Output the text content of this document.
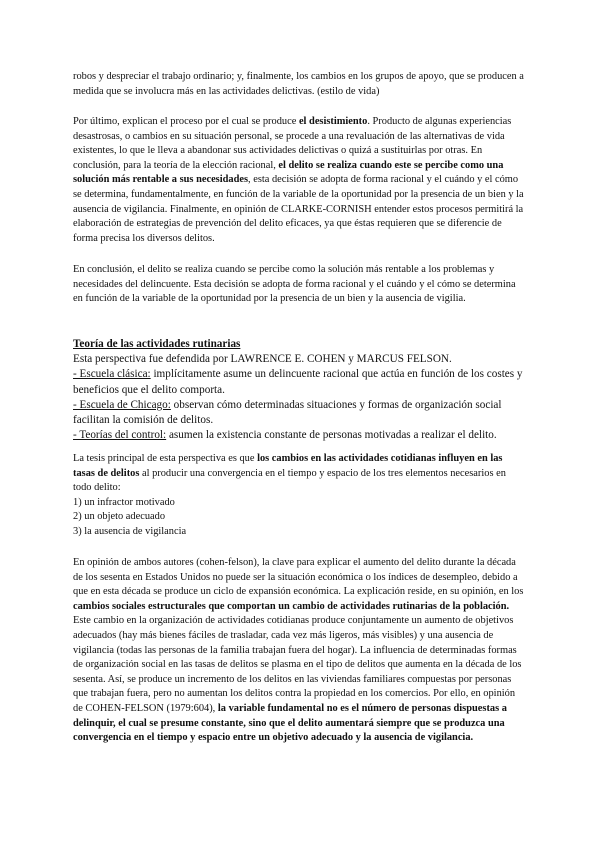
robos y despreciar el trabajo ordinario; y, finalmente, los cambios en los grupos de apoyo, que se producen a medida que se involucra más en las actividades delictivas. (estilo de vida)

Por último, explican el proceso por el cual se produce el desistimiento. Producto de algunas experiencias desastrosas, o cambios en su situación personal, se procede a una revaluación de las alternativas de vida existentes, lo que le lleva a abandonar sus actividades delictivas o quizá a sustituirlas por otras. En conclusión, para la teoría de la elección racional, el delito se realiza cuando este se percibe como una solución más rentable a sus necesidades, esta decisión se adopta de forma racional y el cuándo y el cómo se determina, fundamentalmente, en función de la variable de la oportunidad por la presencia de un bien y la ausencia de vigilancia. Finalmente, en opinión de CLARKE-CORNISH entender estos procesos permitirá la elaboración de estrategias de prevención del delito eficaces, ya que éstas requieren que se diferencie de forma precisa los diversos delitos.

En conclusión, el delito se realiza cuando se percibe como la solución más rentable a los problemas y necesidades del delincuente. Esta decisión se adopta de forma racional y el cuándo y el cómo se determina en función de la variable de la oportunidad por la presencia de un bien y la ausencia de vigilia.

Teoría de las actividades rutinarias

Esta perspectiva fue defendida por LAWRENCE E. COHEN y MARCUS FELSON.

- Escuela clásica: implícitamente asume un delincuente racional que actúa en función de los costes y beneficios que el delito comporta.

- Escuela de Chicago: observan cómo determinadas situaciones y formas de organización social facilitan la comisión de delitos.

- Teorías del control: asumen la existencia constante de personas motivadas a realizar el delito.

La tesis principal de esta perspectiva es que los cambios en las actividades cotidianas influyen en las tasas de delitos al producir una convergencia en el tiempo y espacio de los tres elementos necesarios en todo delito:

1) un infractor motivado

2) un objeto adecuado

3) la ausencia de vigilancia

En opinión de ambos autores (cohen-felson), la clave para explicar el aumento del delito durante la década de los sesenta en Estados Unidos no puede ser la situación económica o los índices de desempleo, debido a que en esta década se produce un ciclo de expansión económica. La explicación reside, en su opinión, en los cambios sociales estructurales que comportan un cambio de actividades rutinarias de la población. Este cambio en la organización de actividades cotidianas produce conjuntamente un aumento de objetivos adecuados (hay más bienes fáciles de trasladar, cada vez más ligeros, más visibles) y una ausencia de vigilancia (todas las personas de la familia trabajan fuera del hogar). La influencia de determinadas formas de organización social en las tasas de delitos se plasma en el tipo de delitos que aumenta en la década de los sesenta. Así, se produce un incremento de los delitos en las viviendas familiares compuestas por personas que trabajan fuera, pero no aumentan los delitos contra la propiedad en los comercios. Por ello, en opinión de COHEN-FELSON (1979:604), la variable fundamental no es el número de personas dispuestas a delinquir, el cual se presume constante, sino que el delito aumentará siempre que se produzca una convergencia en el tiempo y espacio entre un objetivo adecuado y la ausencia de vigilancia.
